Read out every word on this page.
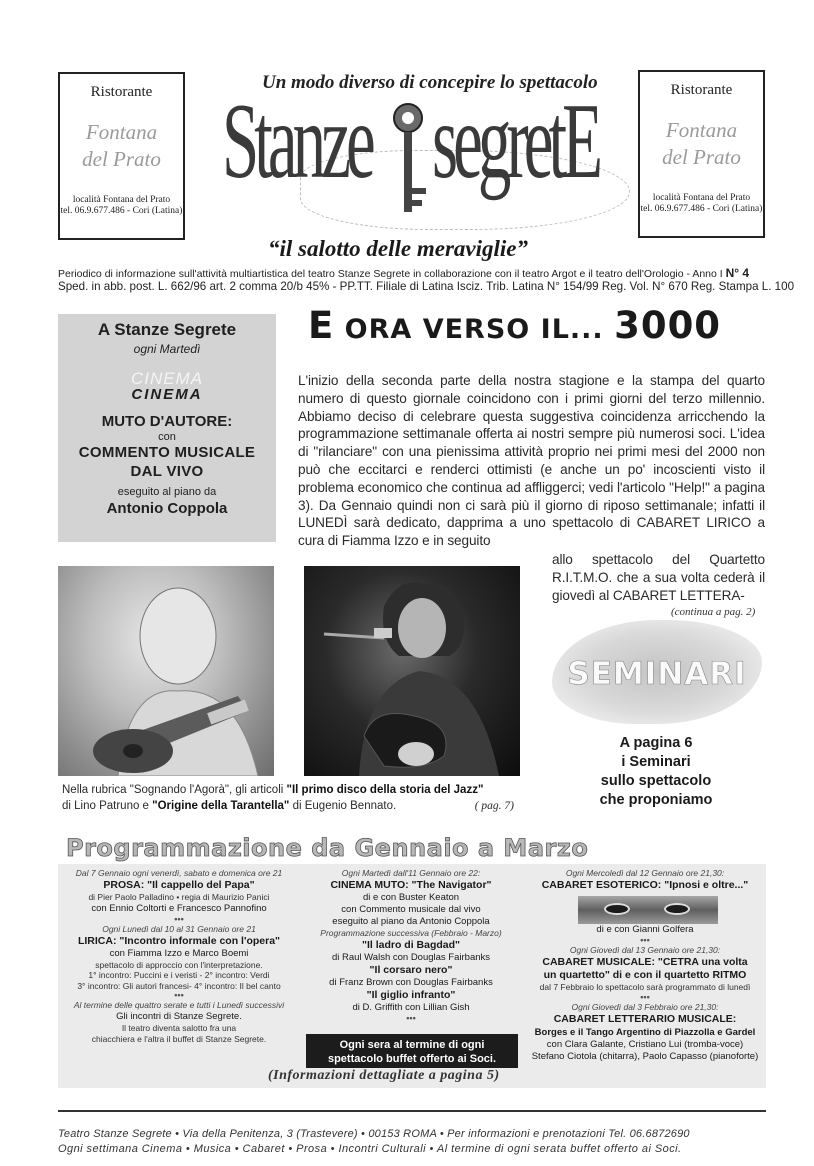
Ristorante
Fontana
del Prato
località Fontana del Prato
tel. 06.9.677.486 - Cori (Latina)
Ristorante
Fontana
del Prato
località Fontana del Prato
tel. 06.9.677.486 - Cori (Latina)
Un modo diverso di concepire lo spettacolo
Stanze segretE
“il salotto delle meraviglie”
Periodico di informazione sull'attività multiartistica del teatro Stanze Segrete in collaborazione con il teatro Argot e il teatro dell'Orologio - Anno I N° 4
Sped. in abb. post. L. 662/96 art. 2 comma 20/b 45% - PP.TT. Filiale di Latina Isciz. Trib. Latina N° 154/99 Reg. Vol. N° 670 Reg. Stampa L. 100
A Stanze Segrete
ogni Martedì
CINEMA
CINEMA
MUTO D'AUTORE:
con
COMMENTO MUSICALE
DAL VIVO
eseguito al piano da
Antonio Coppola
E ORA VERSO IL... 3000
L'inizio della seconda parte della nostra stagione e la stampa del quarto numero di questo giornale coincidono con i primi giorni del terzo millennio. Abbiamo deciso di celebrare questa suggestiva coincidenza arricchendo la programmazione settimanale offerta ai nostri sempre più numerosi soci. L'idea di "rilanciare" con una pienissima attività proprio nei primi mesi del 2000 non può che eccitarci e renderci ottimisti (e anche un po' incoscienti visto il problema economico che continua ad affliggerci; vedi l'articolo "Help!" a pagina 3). Da Gennaio quindi non ci sarà più il giorno di riposo settimanale; infatti il LUNEDÌ sarà dedicato, dapprima a uno spettacolo di CABARET LIRICO a cura di Fiamma Izzo e in seguito
allo spettacolo del Quartetto R.I.T.M.O. che a sua volta cederà il giovedì al CABARET LETTERA-
(continua a pag. 2)
Nella rubrica "Sognando l'Agorà", gli articoli "Il primo disco della storia del Jazz"
di Lino Patruno e "Origine della Tarantella" di Eugenio Bennato.	( pag. 7)
SEMINARI
A pagina 6
i Seminari
sullo spettacolo
che proponiamo
Programmazione da Gennaio a Marzo
Dal 7 Gennaio ogni venerdì, sabato e domenica ore 21
PROSA: "Il cappello del Papa"
di Pier Paolo Palladino • regia di Maurizio Panici
con Ennio Coltorti e Francesco Pannofino
•••
Ogni Lunedì dal 10 al 31 Gennaio ore 21
LIRICA: "Incontro informale con l'opera"
con Fiamma Izzo e Marco Boemi
spettacolo di approccio con l'interpretazione.
1° incontro: Puccini e i veristi - 2° incontro: Verdi
3° incontro: Gli autori francesi- 4° incontro: Il bel canto
•••
Al termine delle quattro serate e tutti i Lunedì successivi
Gli incontri di Stanze Segrete.
Il teatro diventa salotto fra una
chiacchiera e l'altra il buffet di Stanze Segrete.
Ogni Martedì dall'11 Gennaio ore 22:
CINEMA MUTO: "The Navigator"
di e con Buster Keaton
con Commento musicale dal vivo
eseguito al piano da Antonio Coppola
Programmazione successiva (Febbraio - Marzo)
"Il ladro di Bagdad"
di Raul Walsh con Douglas Fairbanks
"Il corsaro nero"
di Franz Brown con Douglas Fairbanks
"Il giglio infranto"
di D. Griffith con Lillian Gish
•••
Ogni sera al termine di ogni
spettacolo buffet offerto ai Soci.
Ogni Mercoledì dal 12 Gennaio ore 21,30:
CABARET ESOTERICO: "Ipnosi e oltre..."
di e con Gianni Golfera
•••
Ogni Giovedì dal 13 Gennaio ore 21,30:
CABARET MUSICALE: "CETRA una volta
un quartetto" di e con il quartetto RITMO
dal 7 Febbraio lo spettacolo sarà programmato di lunedì
•••
Ogni Giovedì dal 3 Febbraio ore 21,30:
CABARET LETTERARIO MUSICALE:
Borges e il Tango Argentino di Piazzolla e Gardel
con Clara Galante, Cristiano Lui (tromba-voce)
Stefano Ciotola (chitarra), Paolo Capasso (pianoforte)
(Informazioni dettagliate a pagina 5)
Teatro Stanze Segrete • Via della Penitenza, 3 (Trastevere) • 00153 ROMA • Per informazioni e prenotazioni Tel. 06.6872690
Ogni settimana Cinema • Musica • Cabaret • Prosa • Incontri Culturali • Al termine di ogni serata buffet offerto ai Soci.
